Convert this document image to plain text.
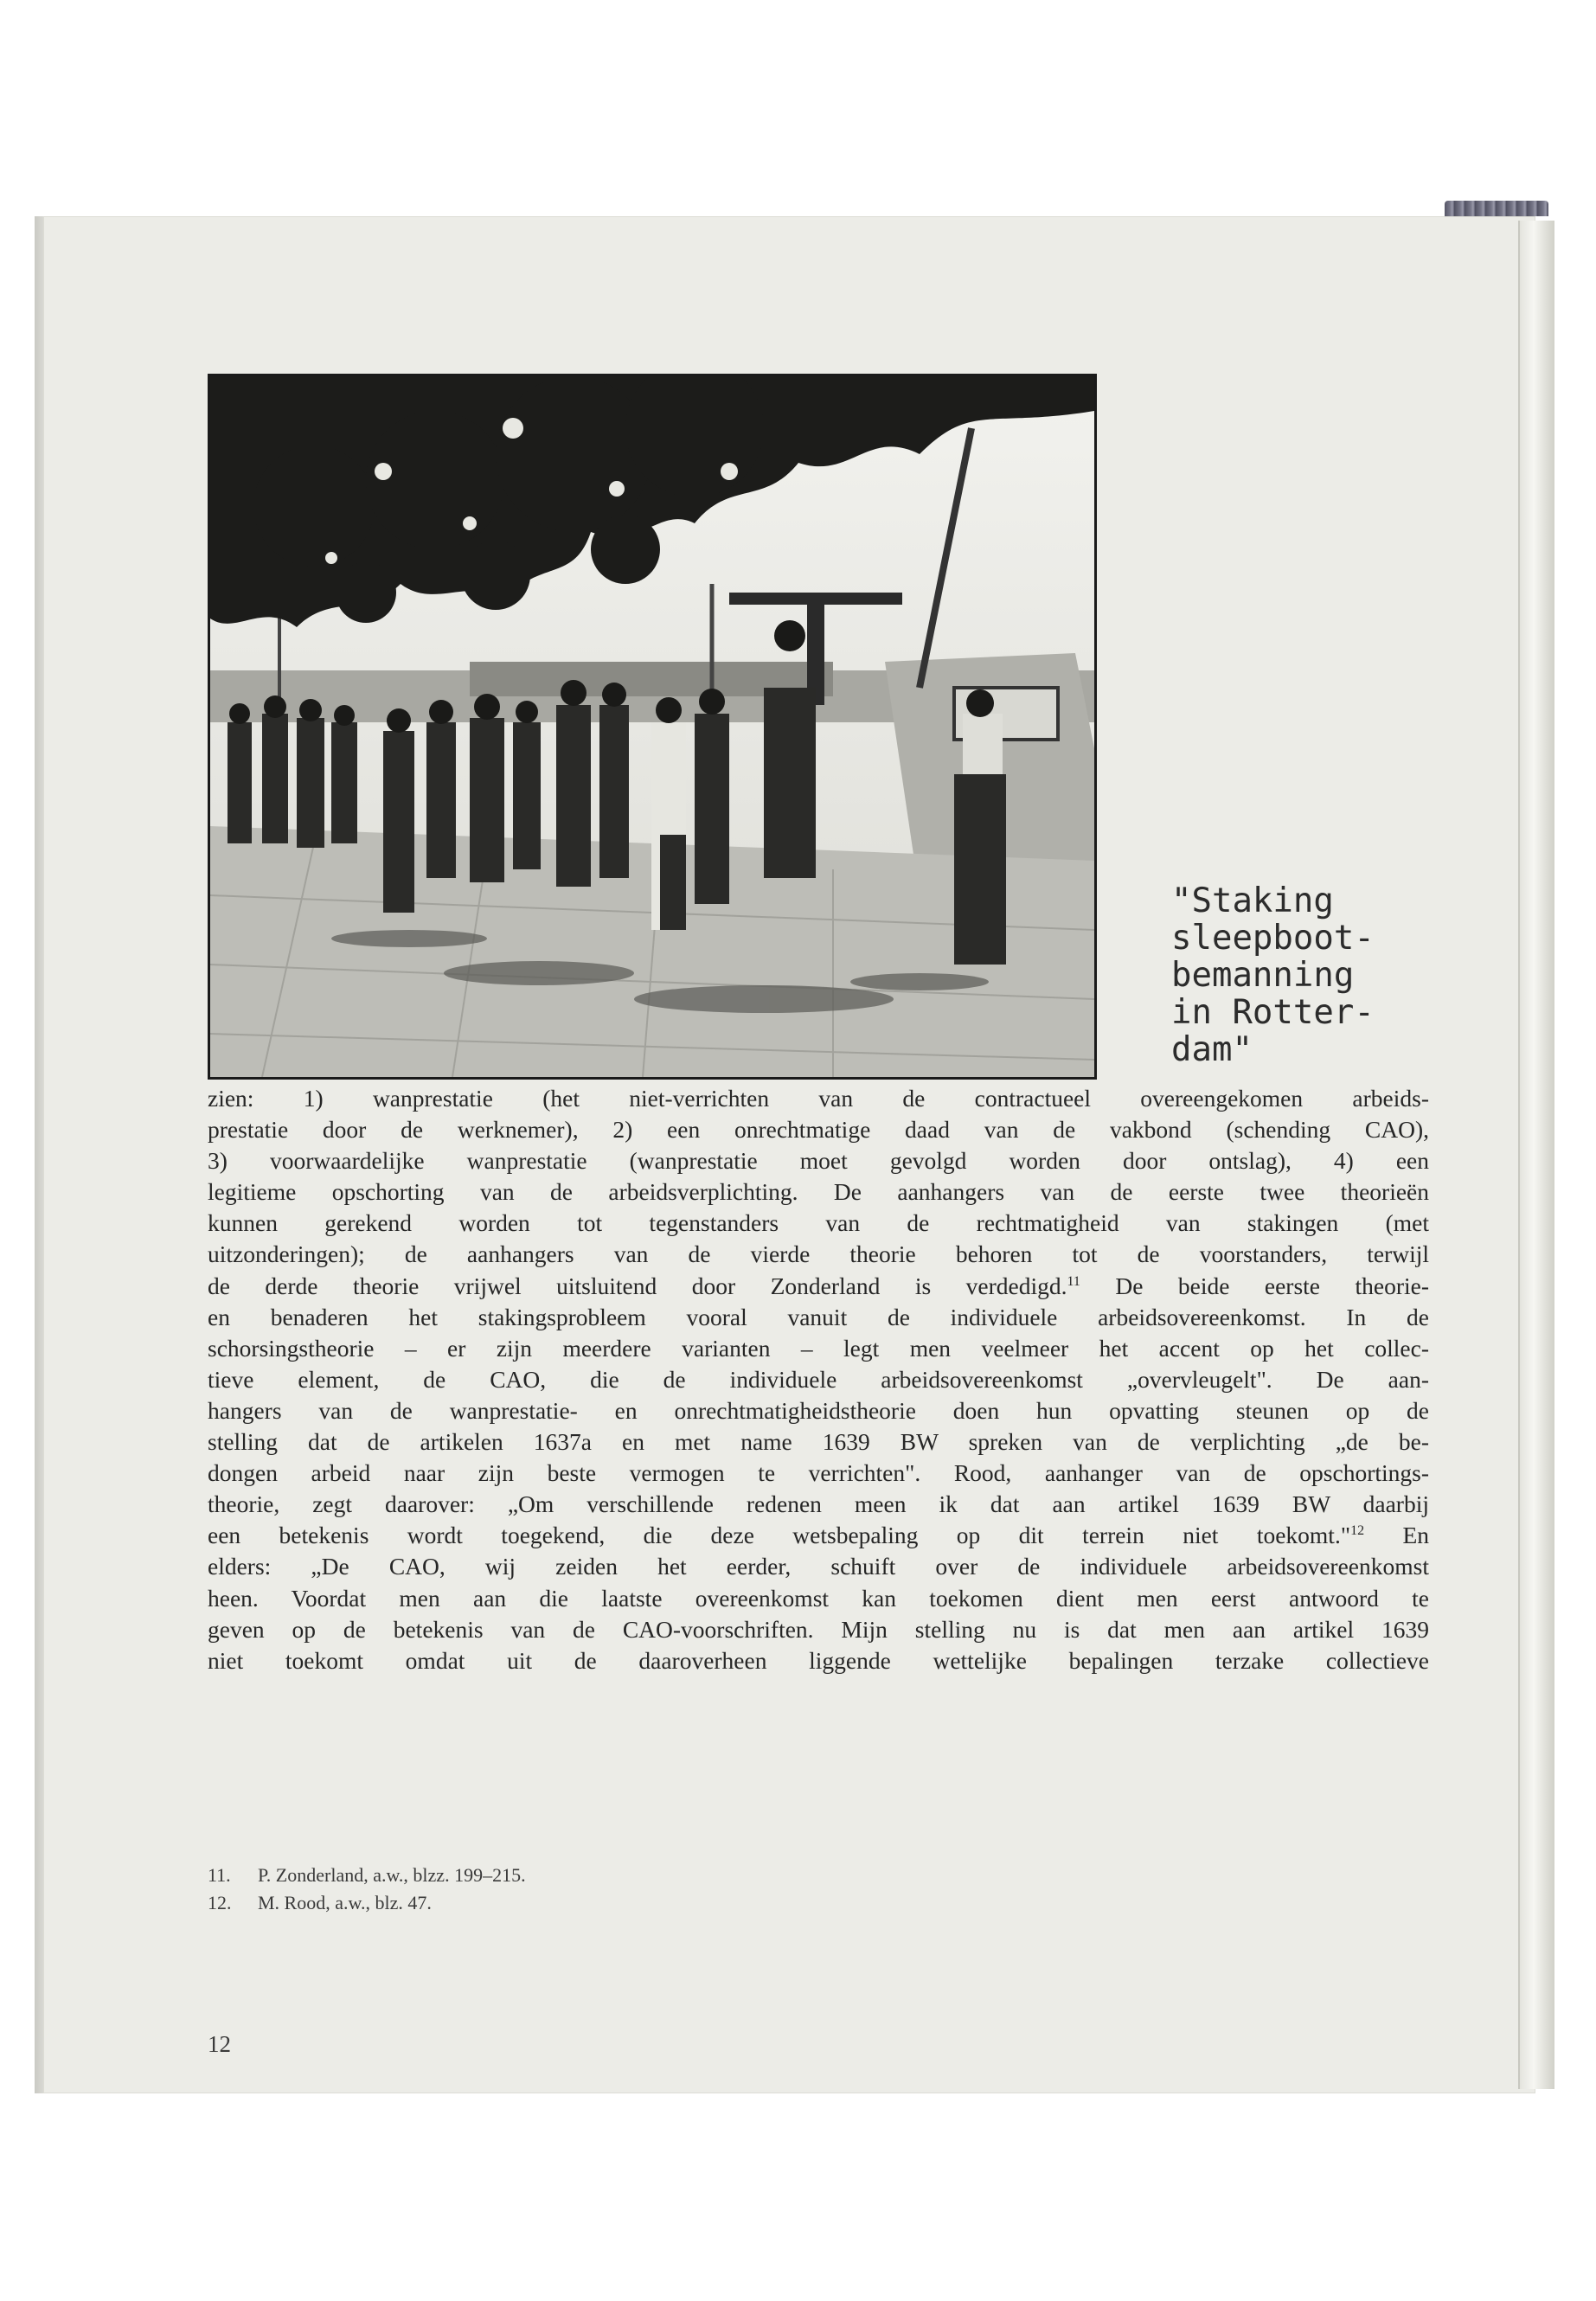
"Staking
sleepboot-
bemanning
in Rotter-
dam"
zien: 1) wanprestatie (het niet-verrichten van de contractueel overeengekomen arbeids-
prestatie door de werknemer), 2) een onrechtmatige daad van de vakbond (schending CAO),
3) voorwaardelijke wanprestatie (wanprestatie moet gevolgd worden door ontslag), 4) een
legitieme opschorting van de arbeidsverplichting. De aanhangers van de eerste twee theorieën
kunnen gerekend worden tot tegenstanders van de rechtmatigheid van stakingen (met
uitzonderingen); de aanhangers van de vierde theorie behoren tot de voorstanders, terwijl
de derde theorie vrijwel uitsluitend door Zonderland is verdedigd.$^{11}$ De beide eerste theorie-
en benaderen het stakingsprobleem vooral vanuit de individuele arbeidsovereenkomst. In de
schorsingstheorie – er zijn meerdere varianten – legt men veelmeer het accent op het collec-
tieve element, de CAO, die de individuele arbeidsovereenkomst „overvleugelt". De aan-
hangers van de wanprestatie- en onrechtmatigheidstheorie doen hun opvatting steunen op de
stelling dat de artikelen 1637a en met name 1639 BW spreken van de verplichting „de be-
dongen arbeid naar zijn beste vermogen te verrichten". Rood, aanhanger van de opschortings-
theorie, zegt daarover: „Om verschillende redenen meen ik dat aan artikel 1639 BW daarbij
een betekenis wordt toegekend, die deze wetsbepaling op dit terrein niet toekomt."$^{12}$ En
elders: „De CAO, wij zeiden het eerder, schuift over de individuele arbeidsovereenkomst
heen. Voordat men aan die laatste overeenkomst kan toekomen dient men eerst antwoord te
geven op de betekenis van de CAO-voorschriften. Mijn stelling nu is dat men aan artikel 1639
niet toekomt omdat uit de daaroverheen liggende wettelijke bepalingen terzake collectieve
11.	P. Zonderland, a.w., blzz. 199–215.
12.	M. Rood, a.w., blz. 47.
12
